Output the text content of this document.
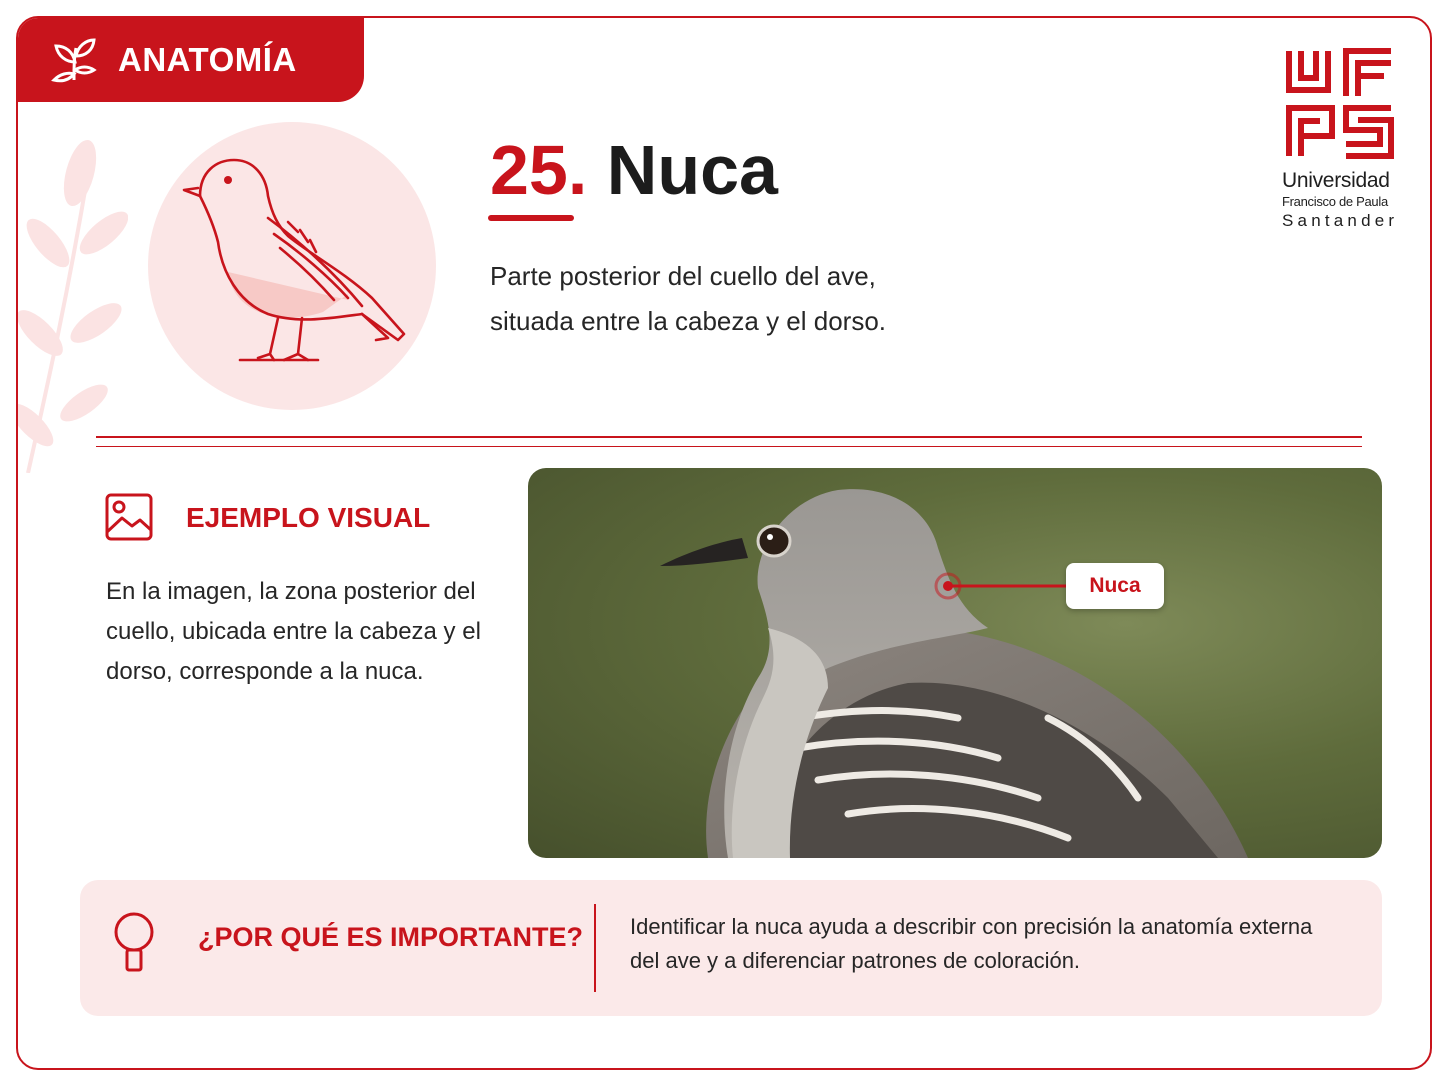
ANATOMÍA
25. Nuca
Parte posterior del cuello del ave,
situada entre la cabeza y el dorso.
Universidad
Francisco de Paula
Santander
EJEMPLO VISUAL
En la imagen, la zona posterior del cuello, ubicada entre la cabeza y el dorso, corresponde a la nuca.
Nuca
¿POR QUÉ ES IMPORTANTE? Identificar la nuca ayuda a describir con precisión la anatomía externa del ave y a diferenciar patrones de coloración.
